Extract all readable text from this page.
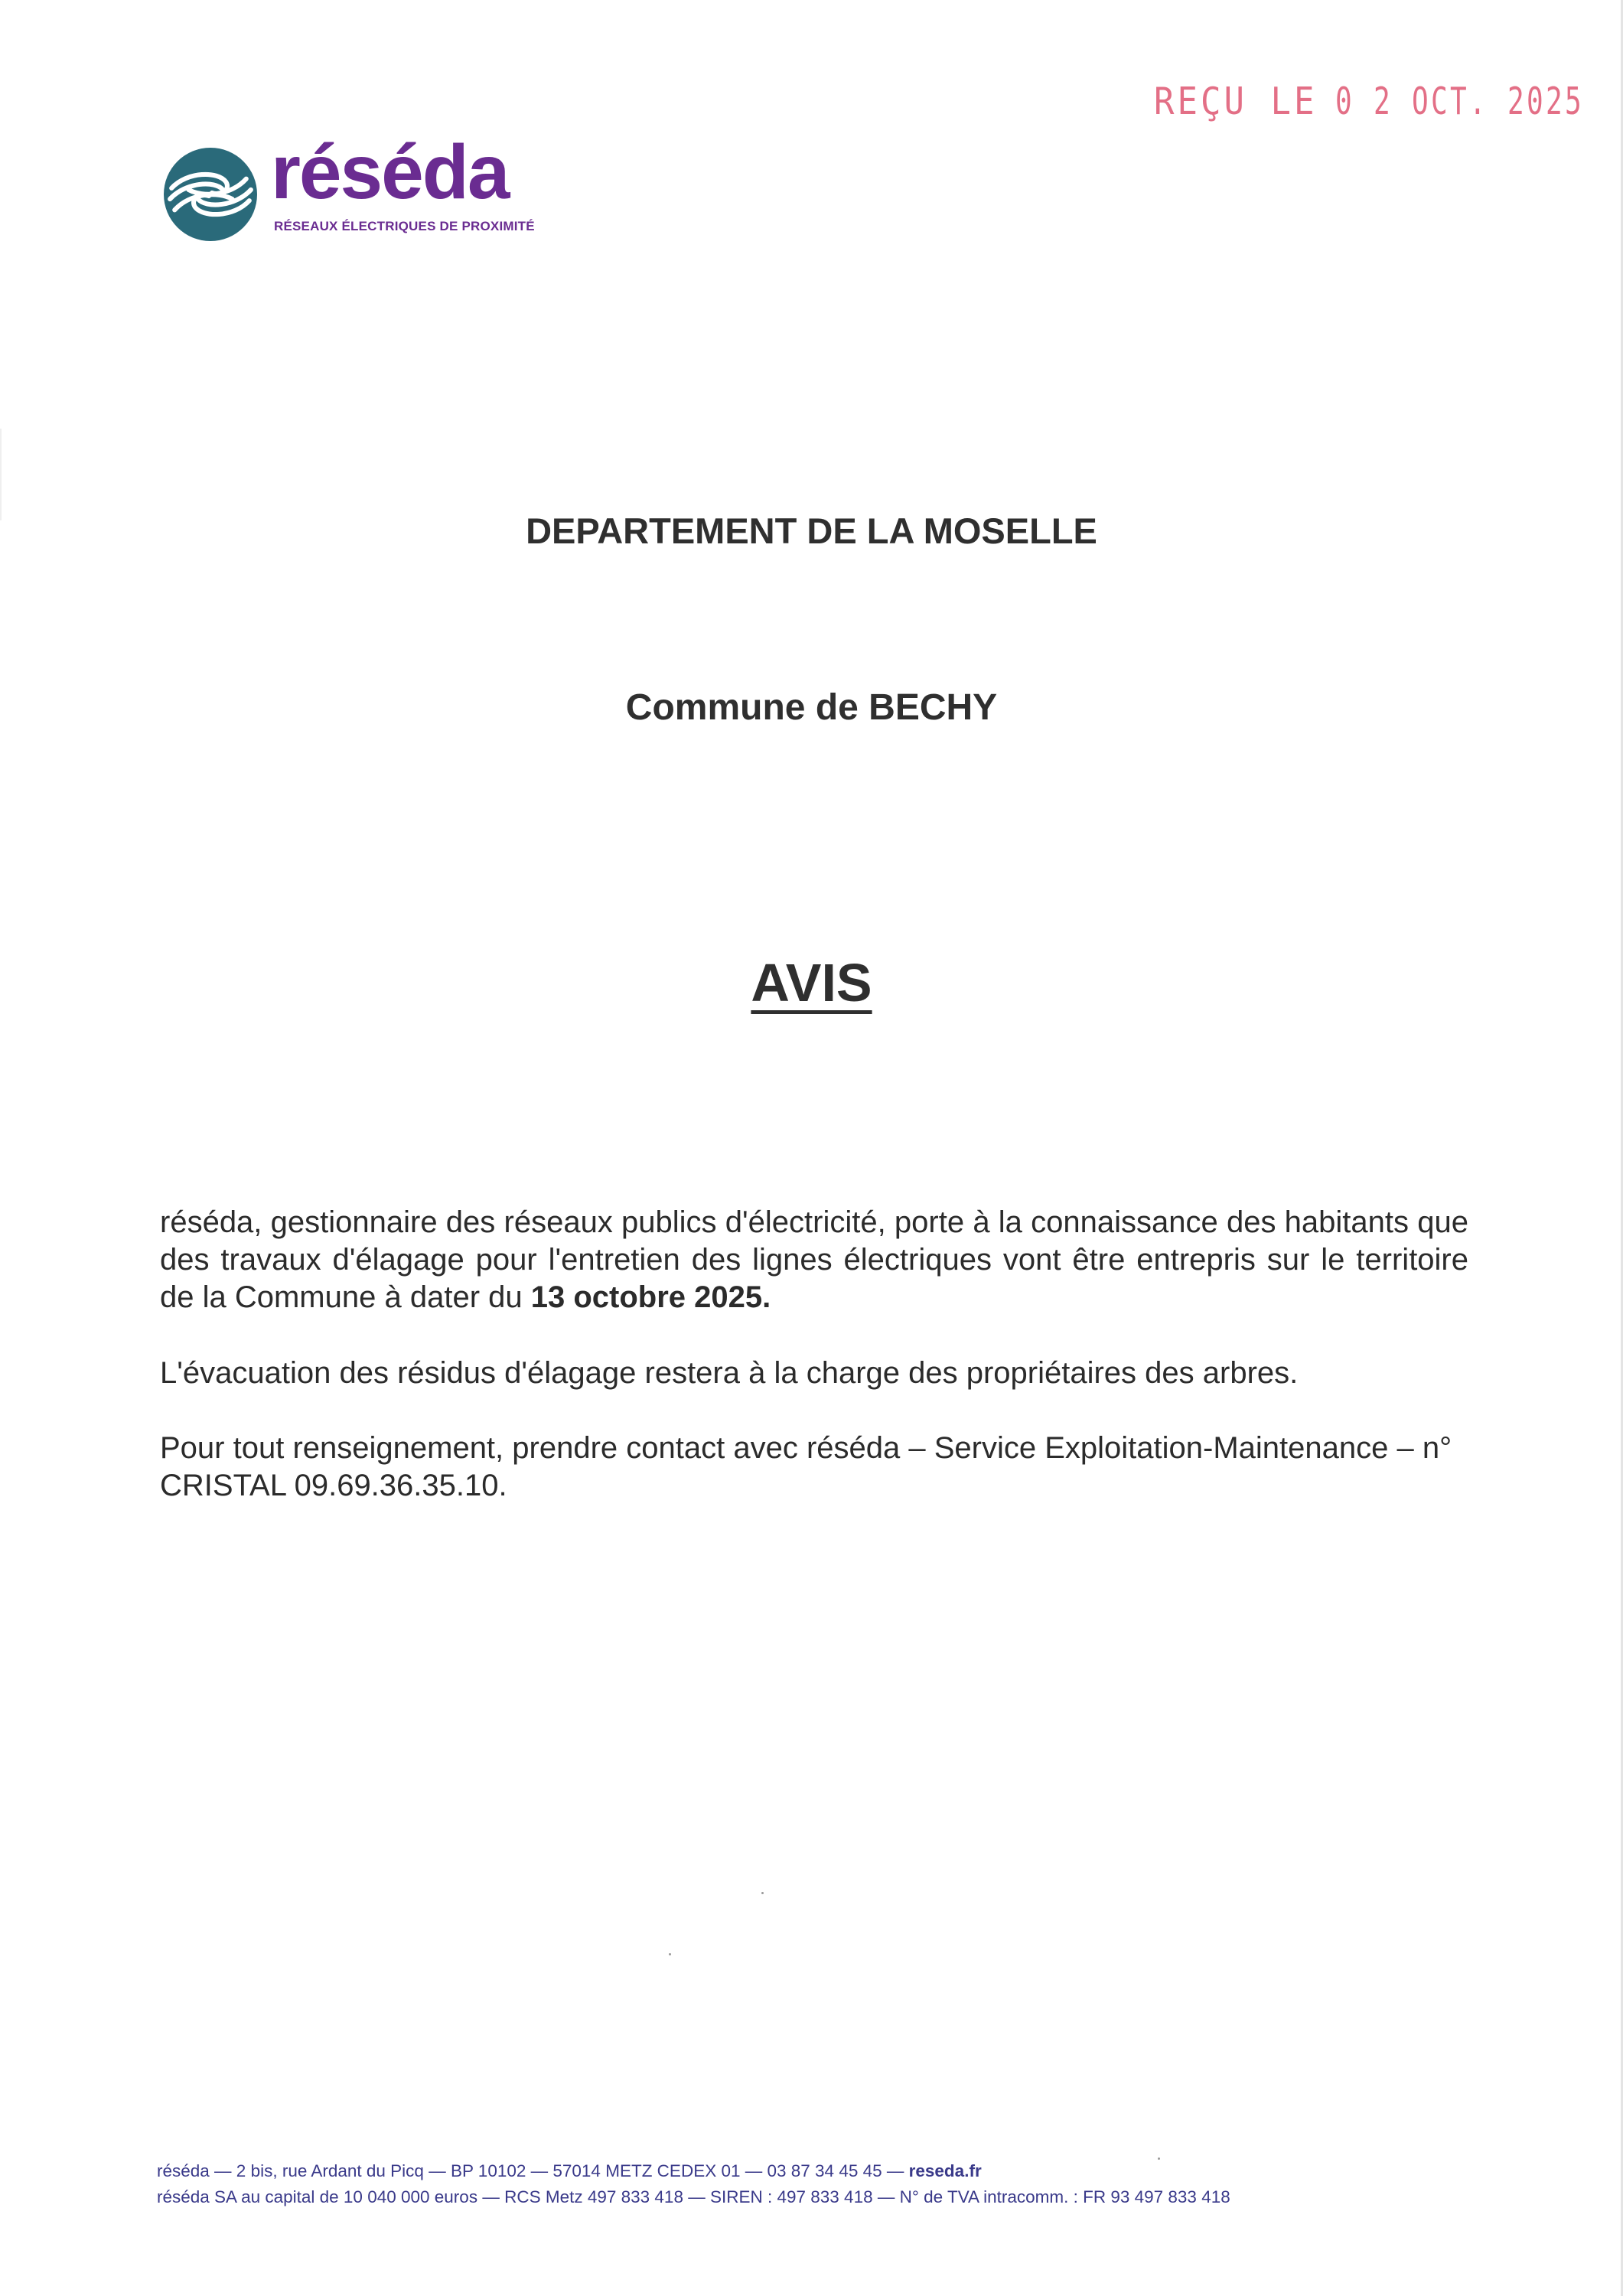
REÇU LE 0 2 OCT. 2025
réséda
RÉSEAUX ÉLECTRIQUES DE PROXIMITÉ
DEPARTEMENT DE LA MOSELLE
Commune de BECHY
AVIS
réséda, gestionnaire des réseaux publics d'électricité, porte à la connaissance des habitants que des travaux d'élagage pour l'entretien des lignes électriques vont être entrepris sur le territoire de la Commune à dater du 13 octobre 2025.
L'évacuation des résidus d'élagage restera à la charge des propriétaires des arbres.
Pour tout renseignement, prendre contact avec réséda – Service Exploitation-Maintenance – n° CRISTAL 09.69.36.35.10.
réséda — 2 bis, rue Ardant du Picq — BP 10102 — 57014 METZ CEDEX 01 — 03 87 34 45 45 — reseda.fr
réséda SA au capital de 10 040 000 euros — RCS Metz 497 833 418 — SIREN : 497 833 418 — N° de TVA intracomm. : FR 93 497 833 418
